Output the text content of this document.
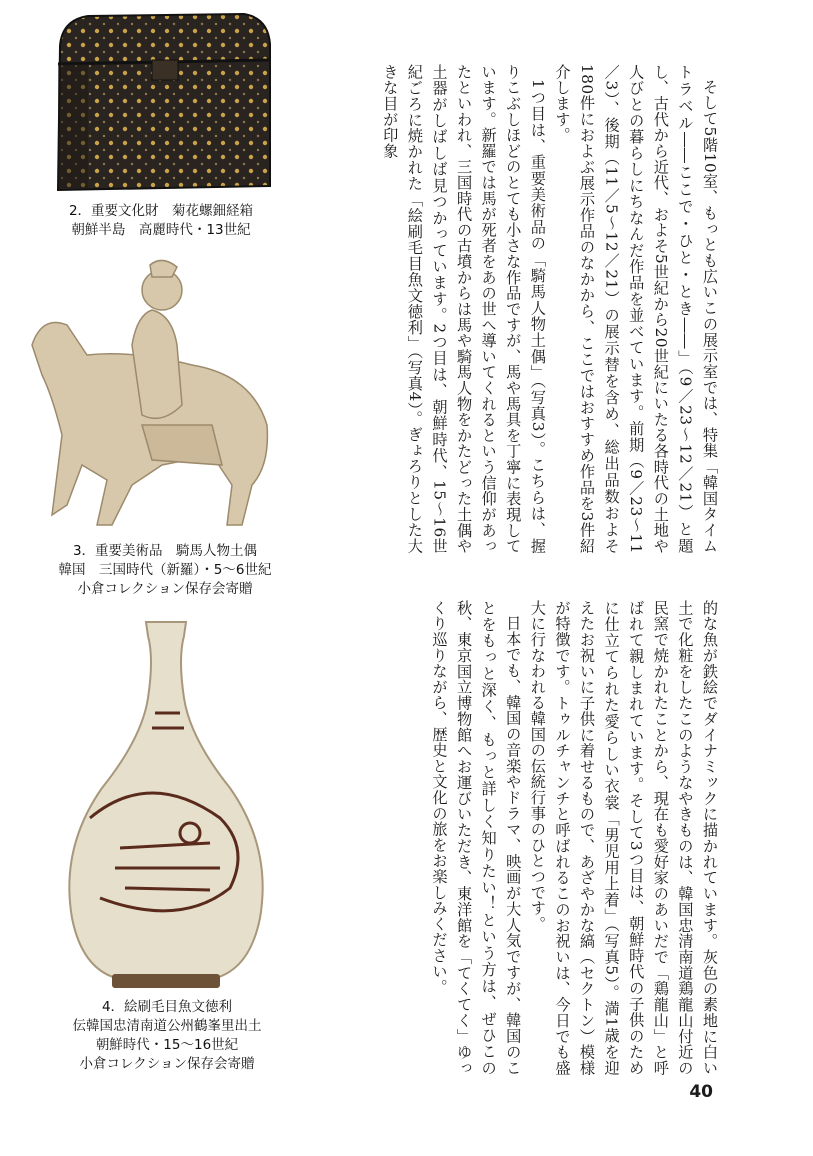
2．重要文化財　菊花螺鈿経箱
朝鮮半島　高麗時代・13世紀
3．重要美術品　騎馬人物土偶
韓国　三国時代（新羅）・5～6世紀
小倉コレクション保存会寄贈
4．絵刷毛目魚文徳利
伝韓国忠清南道公州鶴峯里出土
朝鮮時代・15～16世紀
小倉コレクション保存会寄贈

そして5階10室、もっとも広いこの展示室では、特集「韓国タイムトラベル――ここで・ひと・とき――」（9／23～12／21）と題し、古代から近代、およそ5世紀から20世紀にいたる各時代の土地や人びとの暮らしにちなんだ作品を並べています。前期（9／23～11／3）、後期（11／5～12／21）の展示替を含め、総出品数およそ180件におよぶ展示作品のなかから、ここではおすすめ作品を3件紹介します。

1つ目は、重要美術品の「騎馬人物土偶」（写真3）。こちらは、握りこぶしほどのとても小さな作品ですが、馬や馬具を丁寧に表現しています。新羅では馬が死者をあの世へ導いてくれるという信仰があったといわれ、三国時代の古墳からは馬や騎馬人物をかたどった土偶や土器がしばしば見つかっています。2つ目は、朝鮮時代、15～16世紀ごろに焼かれた「絵刷毛目魚文徳利」（写真4）。ぎょろりとした大きな目が印象

的な魚が鉄絵でダイナミックに描かれています。灰色の素地に白い土で化粧をしたこのようなやきものは、韓国忠清南道鶏龍山付近の民窯で焼かれたことから、現在も愛好家のあいだで「鶏龍山」と呼ばれて親しまれています。そして3つ目は、朝鮮時代の子供のために仕立てられた愛らしい衣裳「男児用上着」（写真5）。満1歳を迎えたお祝いに子供に着せるもので、あざやかな縞（セクトン）模様が特徴です。トゥルチャンチと呼ばれるこのお祝いは、今日でも盛大に行なわれる韓国の伝統行事のひとつです。

日本でも、韓国の音楽やドラマ、映画が大人気ですが、韓国のことをもっと深く、もっと詳しく知りたい！という方は、ぜひこの秋、東京国立博物館へお運びいただき、東洋館を「てくてく」ゆっくり巡りながら、歴史と文化の旅をお楽しみください。

40
